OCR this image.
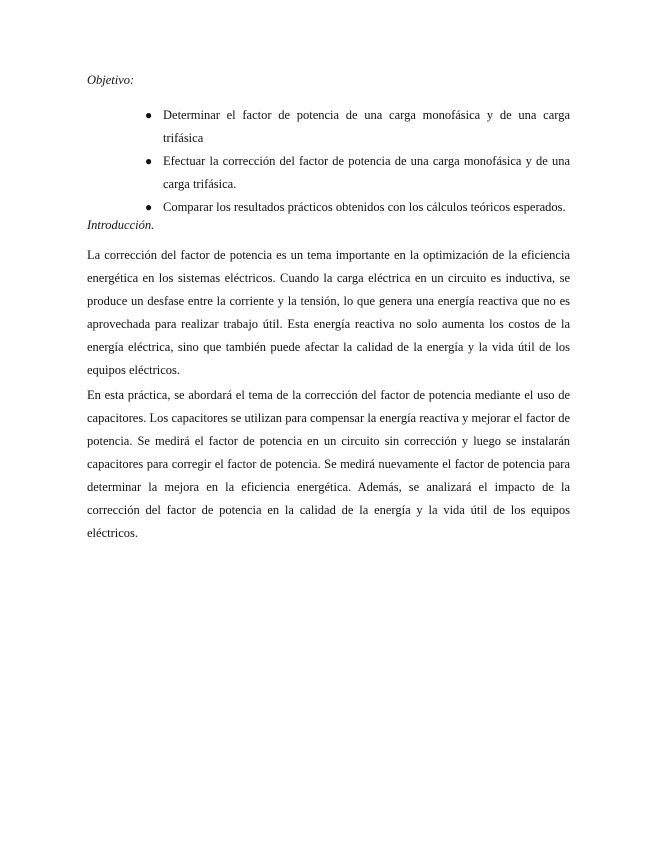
Objetivo:

● Determinar el factor de potencia de una carga monofásica y de una carga trifásica
● Efectuar la corrección del factor de potencia de una carga monofásica y de una carga trifásica.
● Comparar los resultados prácticos obtenidos con los cálculos teóricos esperados.

Introducción.

La corrección del factor de potencia es un tema importante en la optimización de la eficiencia energética en los sistemas eléctricos. Cuando la carga eléctrica en un circuito es inductiva, se produce un desfase entre la corriente y la tensión, lo que genera una energía reactiva que no es aprovechada para realizar trabajo útil. Esta energía reactiva no solo aumenta los costos de la energía eléctrica, sino que también puede afectar la calidad de la energía y la vida útil de los equipos eléctricos.

En esta práctica, se abordará el tema de la corrección del factor de potencia mediante el uso de capacitores. Los capacitores se utilizan para compensar la energía reactiva y mejorar el factor de potencia. Se medirá el factor de potencia en un circuito sin corrección y luego se instalarán capacitores para corregir el factor de potencia. Se medirá nuevamente el factor de potencia para determinar la mejora en la eficiencia energética. Además, se analizará el impacto de la corrección del factor de potencia en la calidad de la energía y la vida útil de los equipos eléctricos.
